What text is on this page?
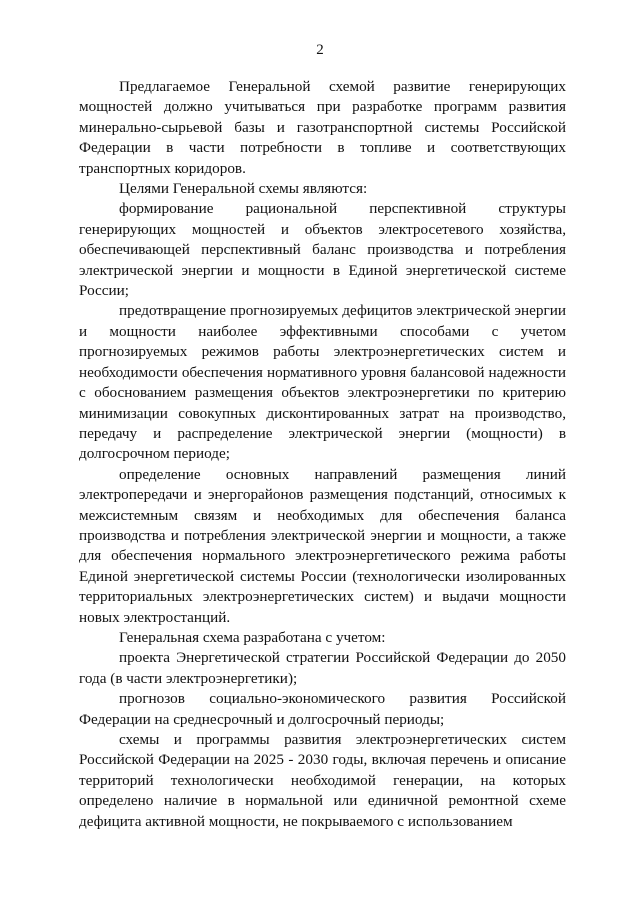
2

Предлагаемое Генеральной схемой развитие генерирующих мощностей должно учитываться при разработке программ развития минерально-сырьевой базы и газотранспортной системы Российской Федерации в части потребности в топливе и соответствующих транспортных коридоров.

Целями Генеральной схемы являются:

формирование рациональной перспективной структуры генерирующих мощностей и объектов электросетевого хозяйства, обеспечивающей перспективный баланс производства и потребления электрической энергии и мощности в Единой энергетической системе России;

предотвращение прогнозируемых дефицитов электрической энергии и мощности наиболее эффективными способами с учетом прогнозируемых режимов работы электроэнергетических систем и необходимости обеспечения нормативного уровня балансовой надежности с обоснованием размещения объектов электроэнергетики по критерию минимизации совокупных дисконтированных затрат на производство, передачу и распределение электрической энергии (мощности) в долгосрочном периоде;

определение основных направлений размещения линий электропередачи и энергорайонов размещения подстанций, относимых к межсистемным связям и необходимых для обеспечения баланса производства и потребления электрической энергии и мощности, а также для обеспечения нормального электроэнергетического режима работы Единой энергетической системы России (технологически изолированных территориальных электроэнергетических систем) и выдачи мощности новых электростанций.

Генеральная схема разработана с учетом:

проекта Энергетической стратегии Российской Федерации до 2050 года (в части электроэнергетики);

прогнозов социально-экономического развития Российской Федерации на среднесрочный и долгосрочный периоды;

схемы и программы развития электроэнергетических систем Российской Федерации на 2025 - 2030 годы, включая перечень и описание территорий технологически необходимой генерации, на которых определено наличие в нормальной или единичной ремонтной схеме дефицита активной мощности, не покрываемого с использованием
